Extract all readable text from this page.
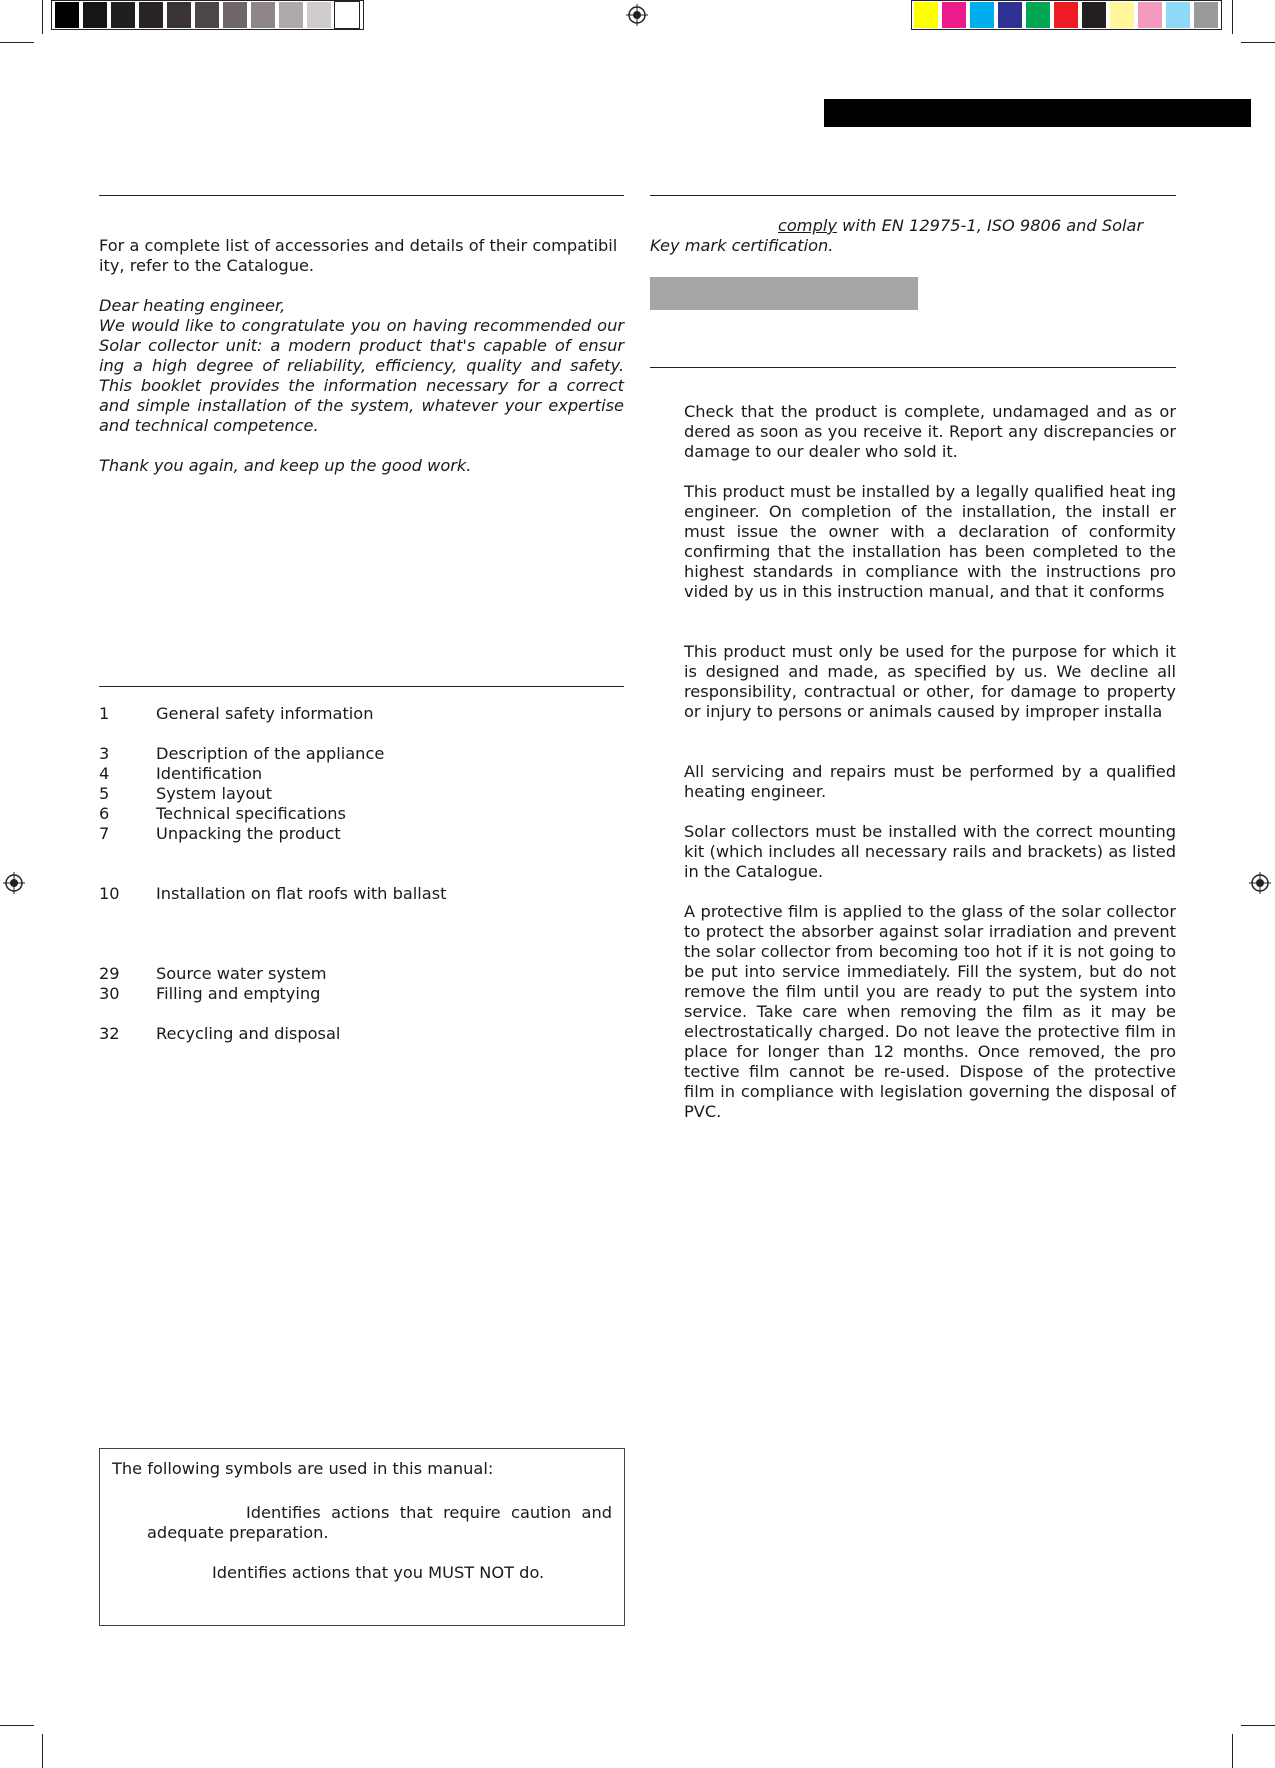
For a complete list of accessories and details of their compatibil ity, refer to the Catalogue.
Dear heating engineer,
We would like to congratulate you on having recommended our Solar collector unit: a modern product that's capable of ensur ing a high degree of reliability, efficiency, quality and safety. This booklet provides the information necessary for a correct and simple installation of the system, whatever your expertise and technical competence.
Thank you again, and keep up the good work.
1	General safety information
3	Description of the appliance
4	Identification
5	System layout
6	Technical specifications
7	Unpacking the product
10 Installation on flat roofs with ballast
29 Source water system
30 Filling and emptying
32 Recycling and disposal
The following symbols are used in this manual:
Identifies actions that require caution and adequate preparation.
Identifies actions that you MUST NOT do.
comply with EN 12975-1, ISO 9806 and Solar Key mark certification.
Check that the product is complete, undamaged and as or dered as soon as you receive it. Report any discrepancies or damage to our dealer who sold it.
This product must be installed by a legally qualified heat ing engineer. On completion of the installation, the install er must issue the owner with a declaration of conformity confirming that the installation has been completed to the highest standards in compliance with the instructions pro vided by us in this instruction manual, and that it conforms
This product must only be used for the purpose for which it is designed and made, as specified by us. We decline all responsibility, contractual or other, for damage to property or injury to persons or animals caused by improper installa
All servicing and repairs must be performed by a qualified heating engineer.
Solar collectors must be installed with the correct mounting kit (which includes all necessary rails and brackets) as listed in the Catalogue.
A protective film is applied to the glass of the solar collector to protect the absorber against solar irradiation and prevent the solar collector from becoming too hot if it is not going to be put into service immediately. Fill the system, but do not remove the film until you are ready to put the system into service. Take care when removing the film as it may be electrostatically charged. Do not leave the protective film in place for longer than 12 months. Once removed, the pro tective film cannot be re-used. Dispose of the protective film in compliance with legislation governing the disposal of PVC.
